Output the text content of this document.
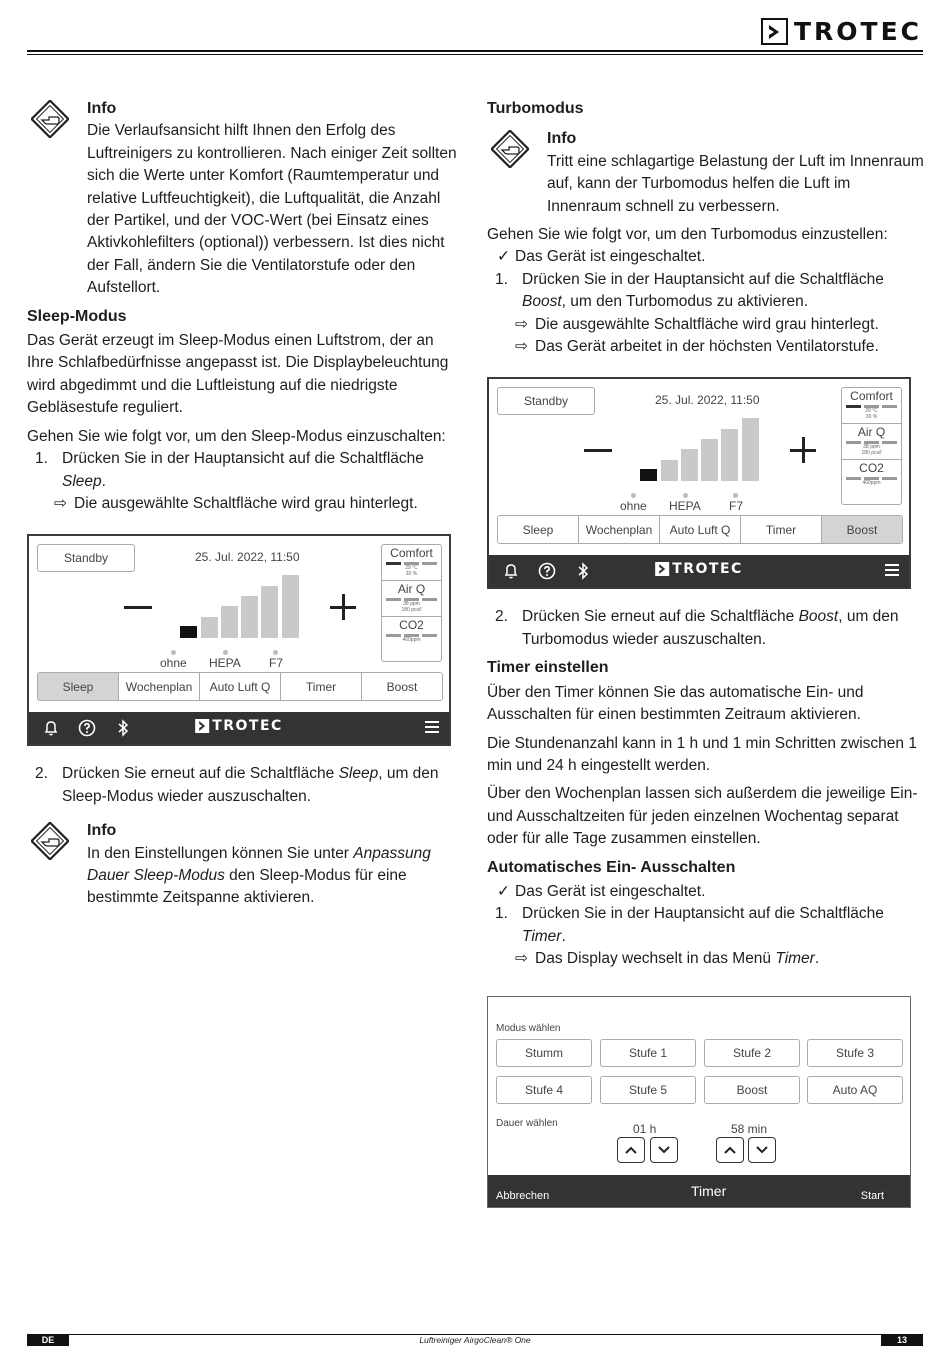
TROTEC
Info
Die Verlaufsansicht hilft Ihnen den Erfolg des Luftreinigers zu kontrollieren. Nach einiger Zeit sollten sich die Werte unter Komfort (Raumtemperatur und relative Luftfeuchtigkeit), die Luftqualität, die Anzahl der Partikel, und der VOC-Wert (bei Einsatz eines Aktivkohlefilters (optional)) verbessern. Ist dies nicht der Fall, ändern Sie die Ventilatorstufe oder den Aufstellort.
Sleep-Modus

Das Gerät erzeugt im Sleep-Modus einen Luftstrom, der an Ihre Schlafbedürfnisse angepasst ist. Die Displaybeleuchtung wird abgedimmt und die Luftleistung auf die niedrigste Gebläsestufe reguliert.

Gehen Sie wie folgt vor, um den Sleep-Modus einzuschalten:
1. Drücken Sie in der Hauptansicht auf die Schaltfläche Sleep.
⇨ Die ausgewählte Schaltfläche wird grau hinterlegt.
Standby	25. Jul. 2022, 11:50
ohne HEPA F7
Comfort
29 °C
30 %
Air Q
38 ppm
180 pcs/l
CO2
460ppm
Sleep	Wochenplan	Auto Luft Q	Timer	Boost
TROTEC
2. Drücken Sie erneut auf die Schaltfläche Sleep, um den Sleep-Modus wieder auszuschalten.
Info
In den Einstellungen können Sie unter Anpassung Dauer Sleep-Modus den Sleep-Modus für eine bestimmte Zeitspanne aktivieren.
Turbomodus
Info
Tritt eine schlagartige Belastung der Luft im Innenraum auf, kann der Turbomodus helfen die Luft im Innenraum schnell zu verbessern.
Gehen Sie wie folgt vor, um den Turbomodus einzustellen:
✓ Das Gerät ist eingeschaltet.
1. Drücken Sie in der Hauptansicht auf die Schaltfläche Boost, um den Turbomodus zu aktivieren.
⇨ Die ausgewählte Schaltfläche wird grau hinterlegt.
⇨ Das Gerät arbeitet in der höchsten Ventilatorstufe.
Standby	25. Jul. 2022, 11:50
ohne HEPA F7
Comfort
29 °C
30 %
Air Q
38 ppm
180 pcs/l
CO2
460ppm
Sleep	Wochenplan	Auto Luft Q	Timer	Boost
TROTEC
2. Drücken Sie erneut auf die Schaltfläche Boost, um den Turbomodus wieder auszuschalten.
Timer einstellen

Über den Timer können Sie das automatische Ein- und Ausschalten für einen bestimmten Zeitraum aktivieren.

Die Stundenanzahl kann in 1 h und 1 min Schritten zwischen 1 min und 24 h eingestellt werden.

Über den Wochenplan lassen sich außerdem die jeweilige Ein- und Ausschaltzeiten für jeden einzelnen Wochentag separat oder für alle Tage zusammen einstellen.

Automatisches Ein- Ausschalten
✓ Das Gerät ist eingeschaltet.
1. Drücken Sie in der Hauptansicht auf die Schaltfläche Timer.
⇨ Das Display wechselt in das Menü Timer.
Modus wählen
Stumm	Stufe 1	Stufe 2	Stufe 3
Stufe 4	Stufe 5	Boost	Auto AQ
Dauer wählen	01 h	58 min
Abbrechen	Timer	Start
Luftreiniger AirgoClean® One
DE	13
